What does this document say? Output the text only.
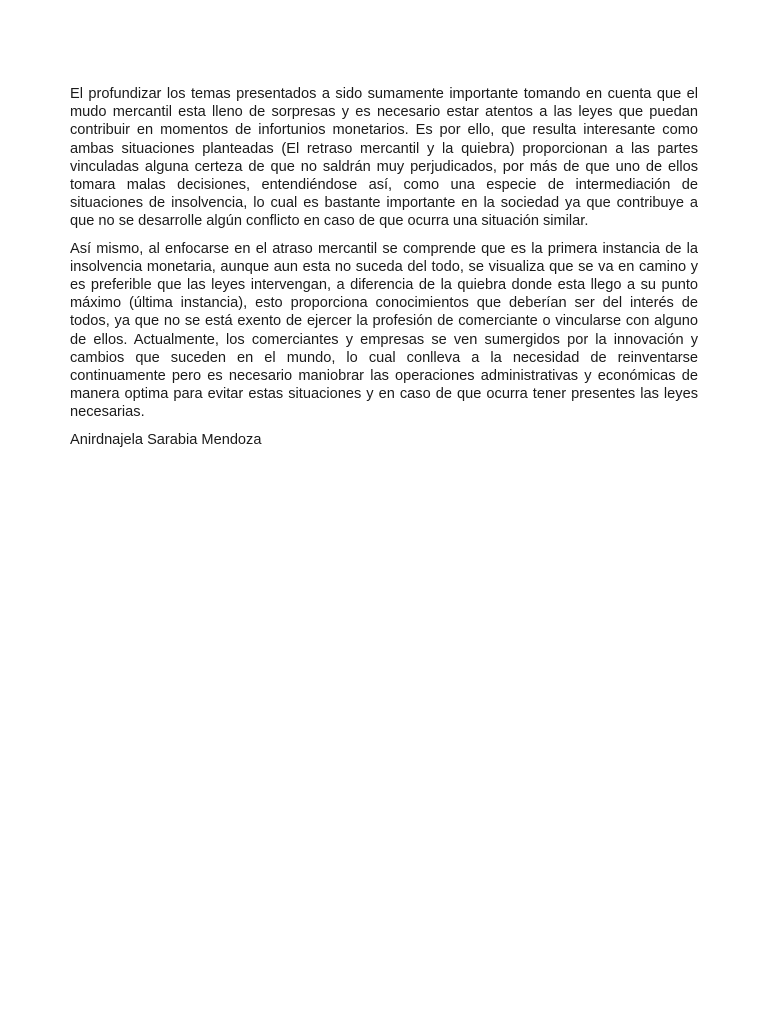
El profundizar los temas presentados a sido sumamente importante tomando en cuenta que el mudo mercantil esta lleno de sorpresas y es necesario estar atentos a las leyes que puedan contribuir en momentos de infortunios monetarios. Es por ello, que resulta interesante como ambas situaciones planteadas (El retraso mercantil y la quiebra) proporcionan a las partes vinculadas alguna certeza de que no saldrán muy perjudicados, por más de que uno de ellos tomara malas decisiones, entendiéndose así, como una especie de intermediación de situaciones de insolvencia, lo cual es bastante importante en la sociedad ya que contribuye a que no se desarrolle algún conflicto en caso de que ocurra una situación similar.

Así mismo, al enfocarse en el atraso mercantil se comprende que es la primera instancia de la insolvencia monetaria, aunque aun esta no suceda del todo, se visualiza que se va en camino y es preferible que las leyes intervengan, a diferencia de la quiebra donde esta llego a su punto máximo (última instancia), esto proporciona conocimientos que deberían ser del interés de todos, ya que no se está exento de ejercer la profesión de comerciante o vincularse con alguno de ellos. Actualmente, los comerciantes y empresas se ven sumergidos por la innovación y cambios que suceden en el mundo, lo cual conlleva a la necesidad de reinventarse continuamente pero es necesario maniobrar las operaciones administrativas y económicas de manera optima para evitar estas situaciones y en caso de que ocurra tener presentes las leyes necesarias.

Anirdnajela Sarabia Mendoza
